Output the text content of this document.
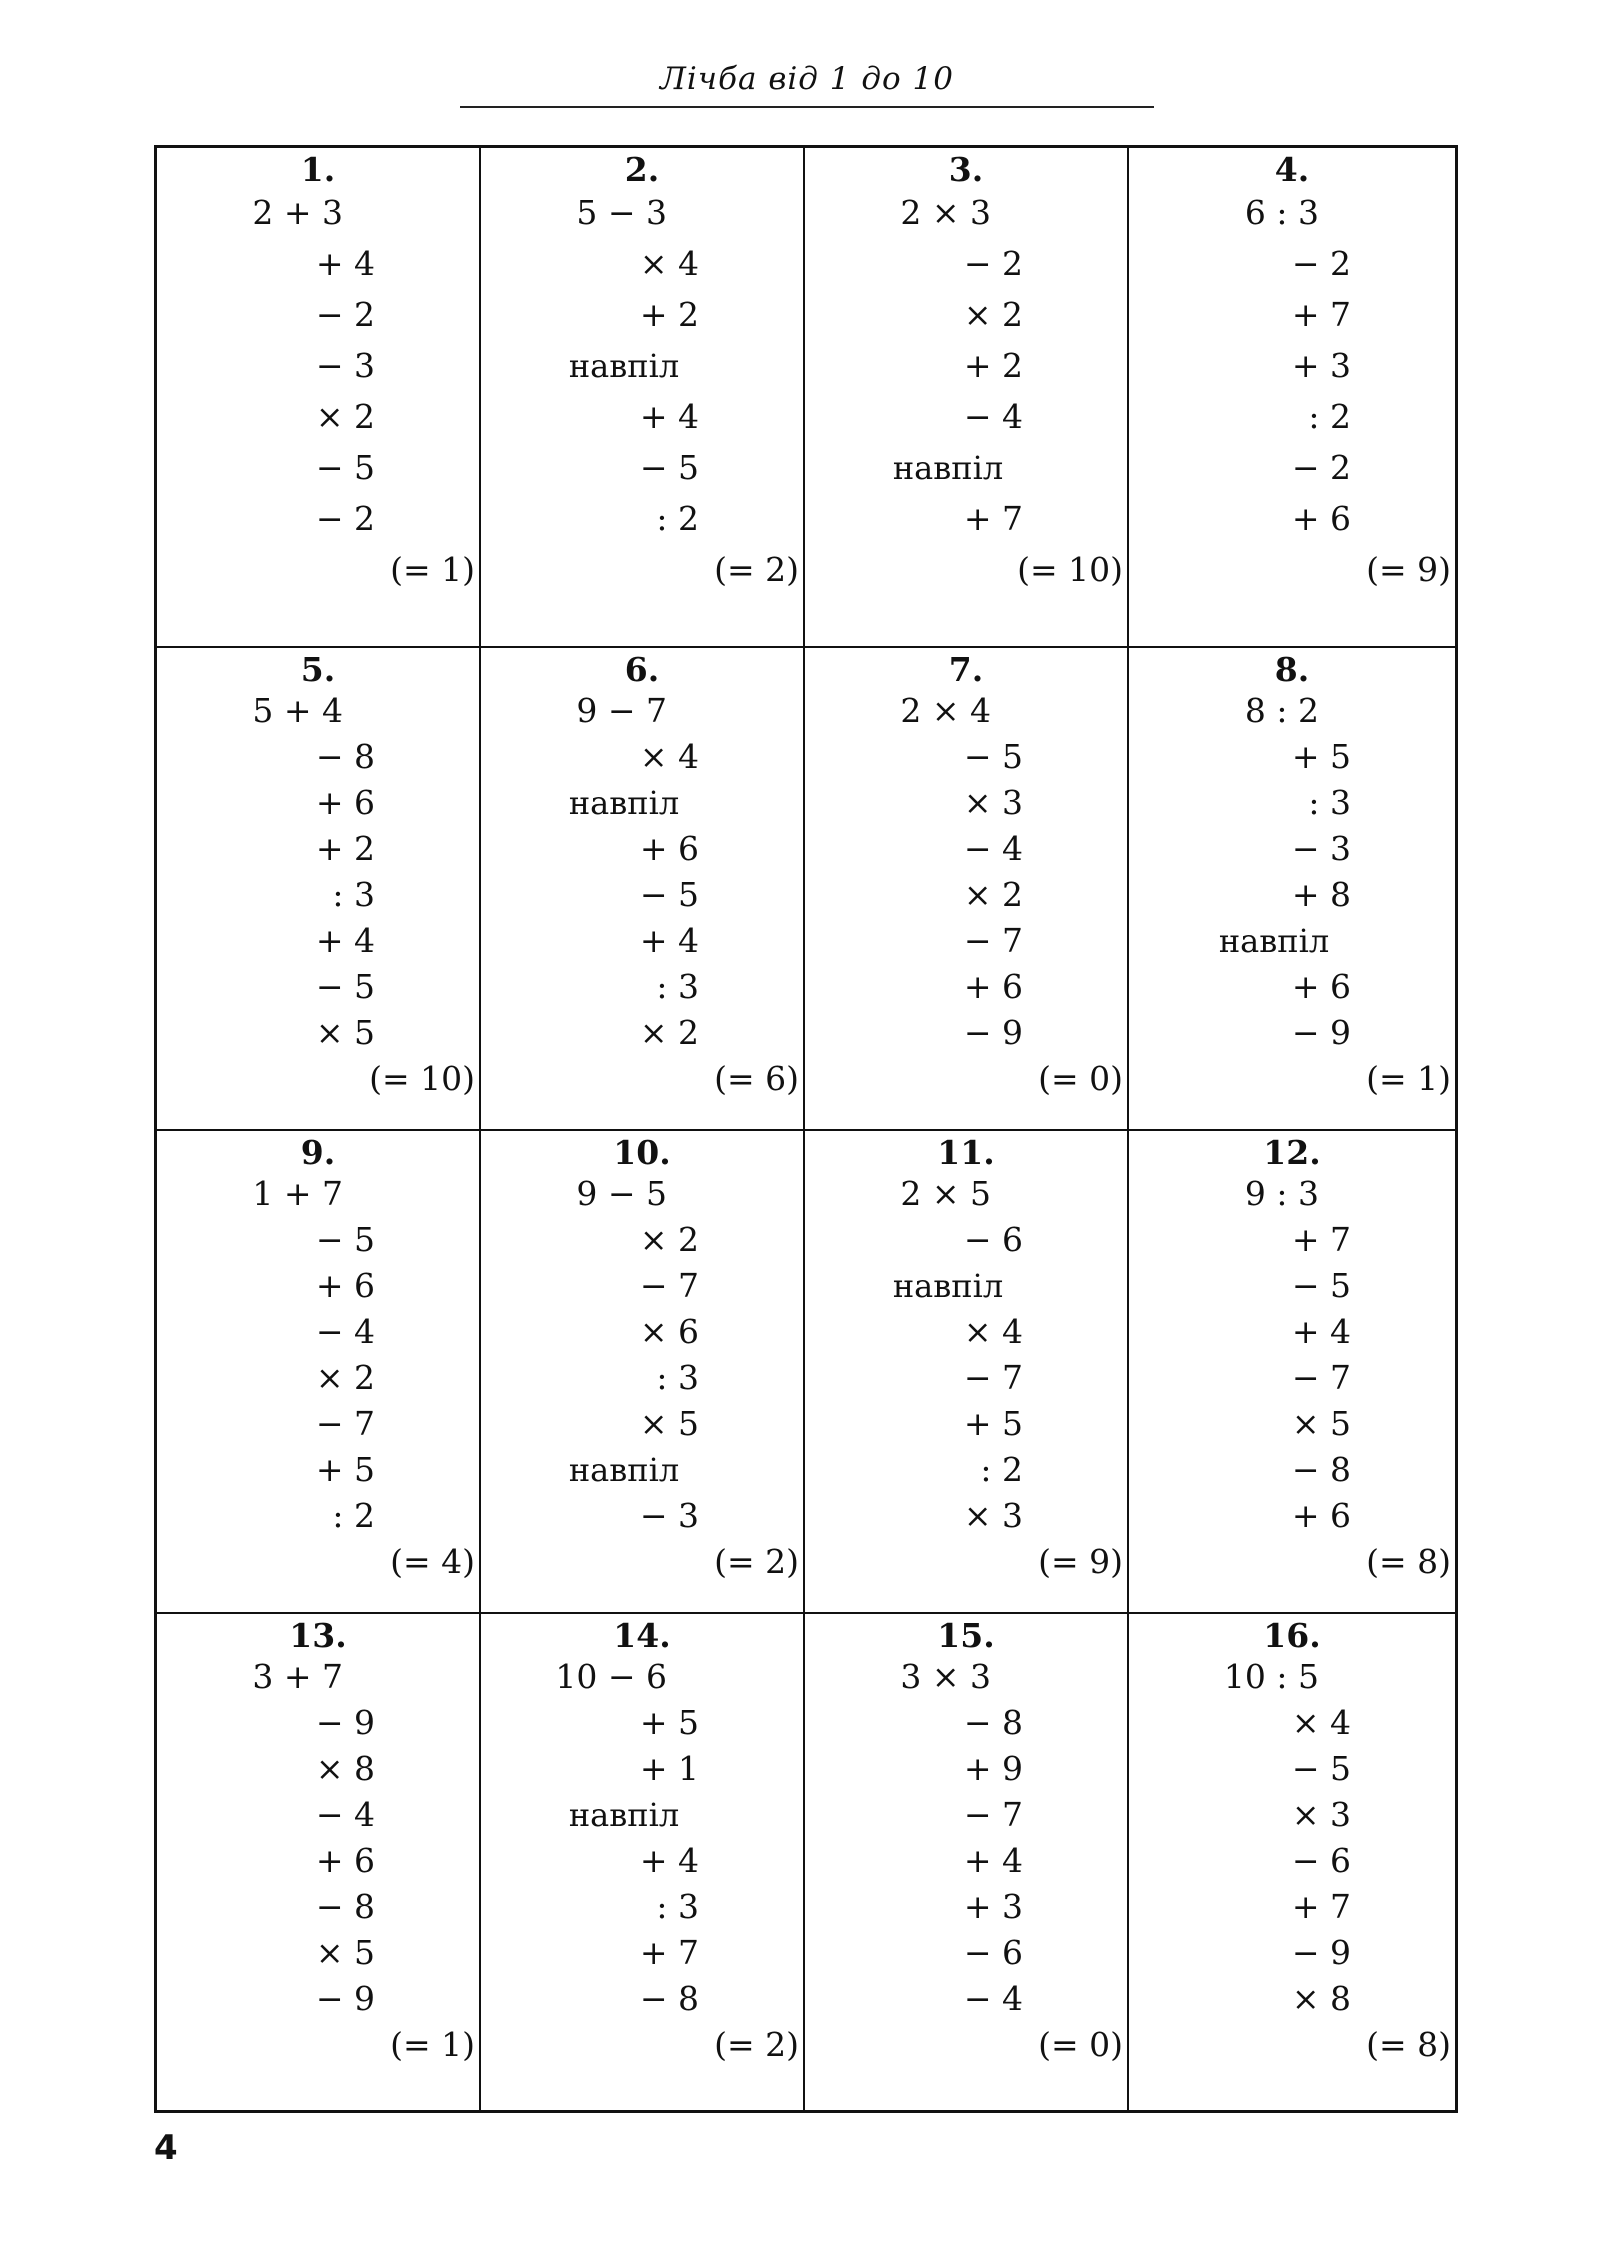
Лічба від 1 до 10
1.
2 + 3
+ 4
− 2
− 3
× 2
− 5
− 2
(= 1)
2.
5 − 3
× 4
+ 2
навпіл
+ 4
− 5
: 2
(= 2)
3.
2 × 3
− 2
× 2
+ 2
− 4
навпіл
+ 7
(= 10)
4.
6 : 3
− 2
+ 7
+ 3
: 2
− 2
+ 6
(= 9)
5.
5 + 4
− 8
+ 6
+ 2
: 3
+ 4
− 5
× 5
(= 10)
6.
9 − 7
× 4
навпіл
+ 6
− 5
+ 4
: 3
× 2
(= 6)
7.
2 × 4
− 5
× 3
− 4
× 2
− 7
+ 6
− 9
(= 0)
8.
8 : 2
+ 5
: 3
− 3
+ 8
навпіл
+ 6
− 9
(= 1)
9.
1 + 7
− 5
+ 6
− 4
× 2
− 7
+ 5
: 2
(= 4)
10.
9 − 5
× 2
− 7
× 6
: 3
× 5
навпіл
− 3
(= 2)
11.
2 × 5
− 6
навпіл
× 4
− 7
+ 5
: 2
× 3
(= 9)
12.
9 : 3
+ 7
− 5
+ 4
− 7
× 5
− 8
+ 6
(= 8)
13.
3 + 7
− 9
× 8
− 4
+ 6
− 8
× 5
− 9
(= 1)
14.
10 − 6
+ 5
+ 1
навпіл
+ 4
: 3
+ 7
− 8
(= 2)
15.
3 × 3
− 8
+ 9
− 7
+ 4
+ 3
− 6
− 4
(= 0)
16.
10 : 5
× 4
− 5
× 3
− 6
+ 7
− 9
× 8
(= 8)
4
